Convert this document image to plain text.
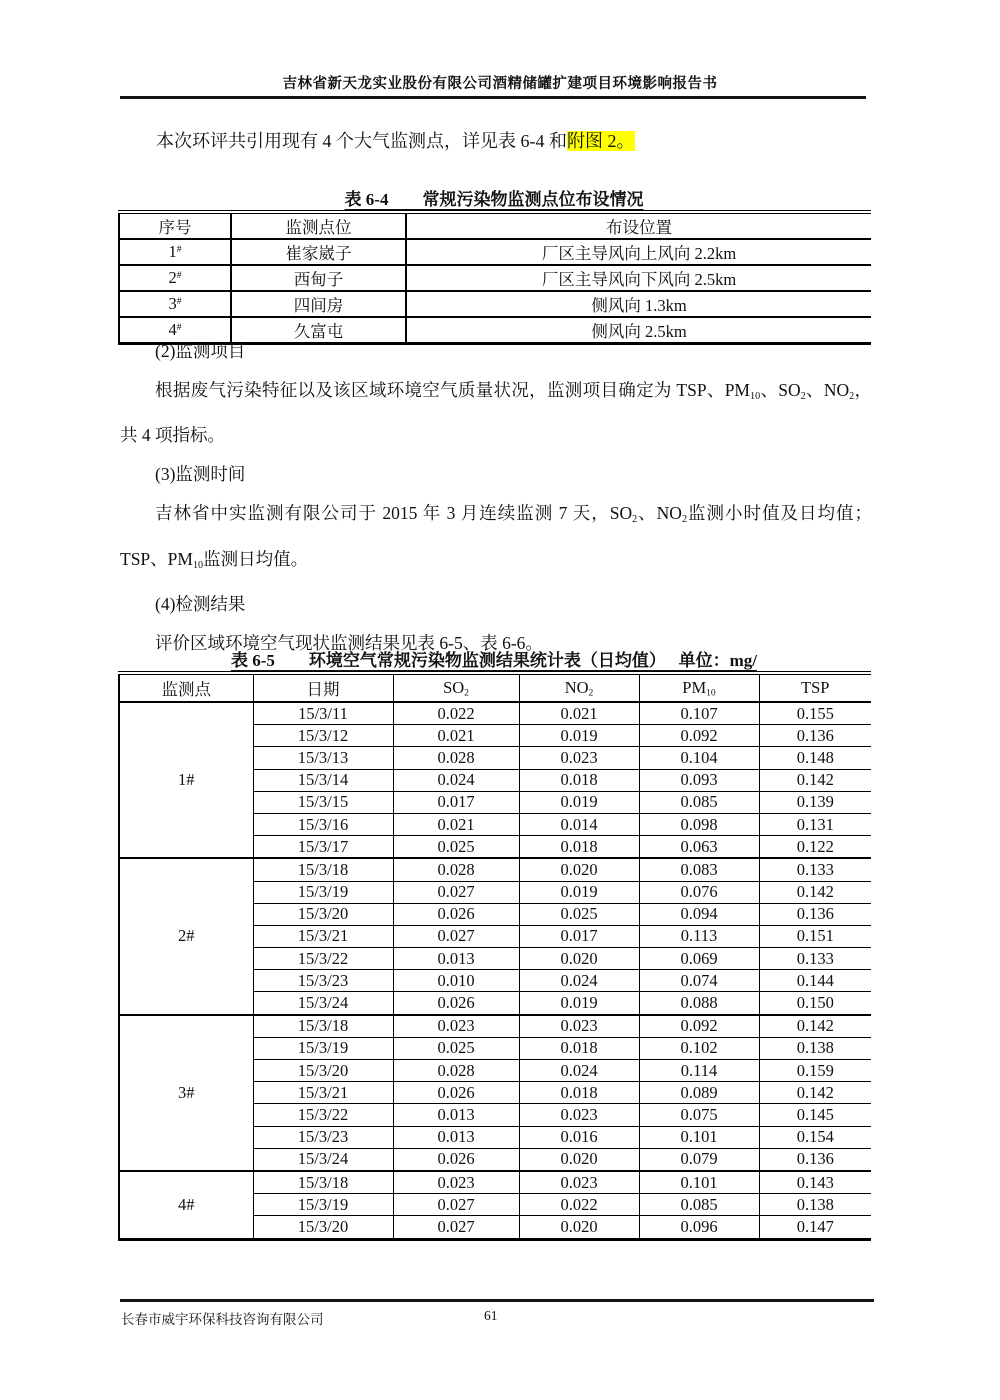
吉林省新天龙实业股份有限公司酒精储罐扩建项目环境影响报告书
本次环评共引用现有 4 个大气监测点，详见表 6-4 和附图 2。
表 6-4　　常规污染物监测点位布设情况
序号	监测点位	布设位置
1#	崔家崴子	厂区主导风向上风向 2.2km
2#	西甸子	厂区主导风向下风向 2.5km
3#	四间房	侧风向 1.3km
4#	久富屯	侧风向 2.5km

(2)监测项目

根据废气污染特征以及该区域环境空气质量状况，监测项目确定为 TSP、$PM_{10}$、$SO_2$、$NO_2$，共 4 项指标。

(3)监测时间

吉林省中实监测有限公司于 2015 年 3 月连续监测 7 天，$SO_2$、$NO_2$监测小时值及日均值；TSP、$PM_{10}$监测日均值。

(4)检测结果

评价区域环境空气现状监测结果见表 6-5、表 6-6。

表 6-5　　环境空气常规污染物监测结果统计表（日均值）　 单位：mg/
监测点	日期	$SO_2$	$NO_2$	$PM_{10}$	TSP
1#	15/3/11	0.022	0.021	0.107	0.155
	15/3/12	0.021	0.019	0.092	0.136
	15/3/13	0.028	0.023	0.104	0.148
	15/3/14	0.024	0.018	0.093	0.142
	15/3/15	0.017	0.019	0.085	0.139
	15/3/16	0.021	0.014	0.098	0.131
	15/3/17	0.025	0.018	0.063	0.122
2#	15/3/18	0.028	0.020	0.083	0.133
	15/3/19	0.027	0.019	0.076	0.142
	15/3/20	0.026	0.025	0.094	0.136
	15/3/21	0.027	0.017	0.113	0.151
	15/3/22	0.013	0.020	0.069	0.133
	15/3/23	0.010	0.024	0.074	0.144
	15/3/24	0.026	0.019	0.088	0.150
3#	15/3/18	0.023	0.023	0.092	0.142
	15/3/19	0.025	0.018	0.102	0.138
	15/3/20	0.028	0.024	0.114	0.159
	15/3/21	0.026	0.018	0.089	0.142
	15/3/22	0.013	0.023	0.075	0.145
	15/3/23	0.013	0.016	0.101	0.154
	15/3/24	0.026	0.020	0.079	0.136
4#	15/3/18	0.023	0.023	0.101	0.143
	15/3/19	0.027	0.022	0.085	0.138
	15/3/20	0.027	0.020	0.096	0.147
长春市威宇环保科技咨询有限公司	61
